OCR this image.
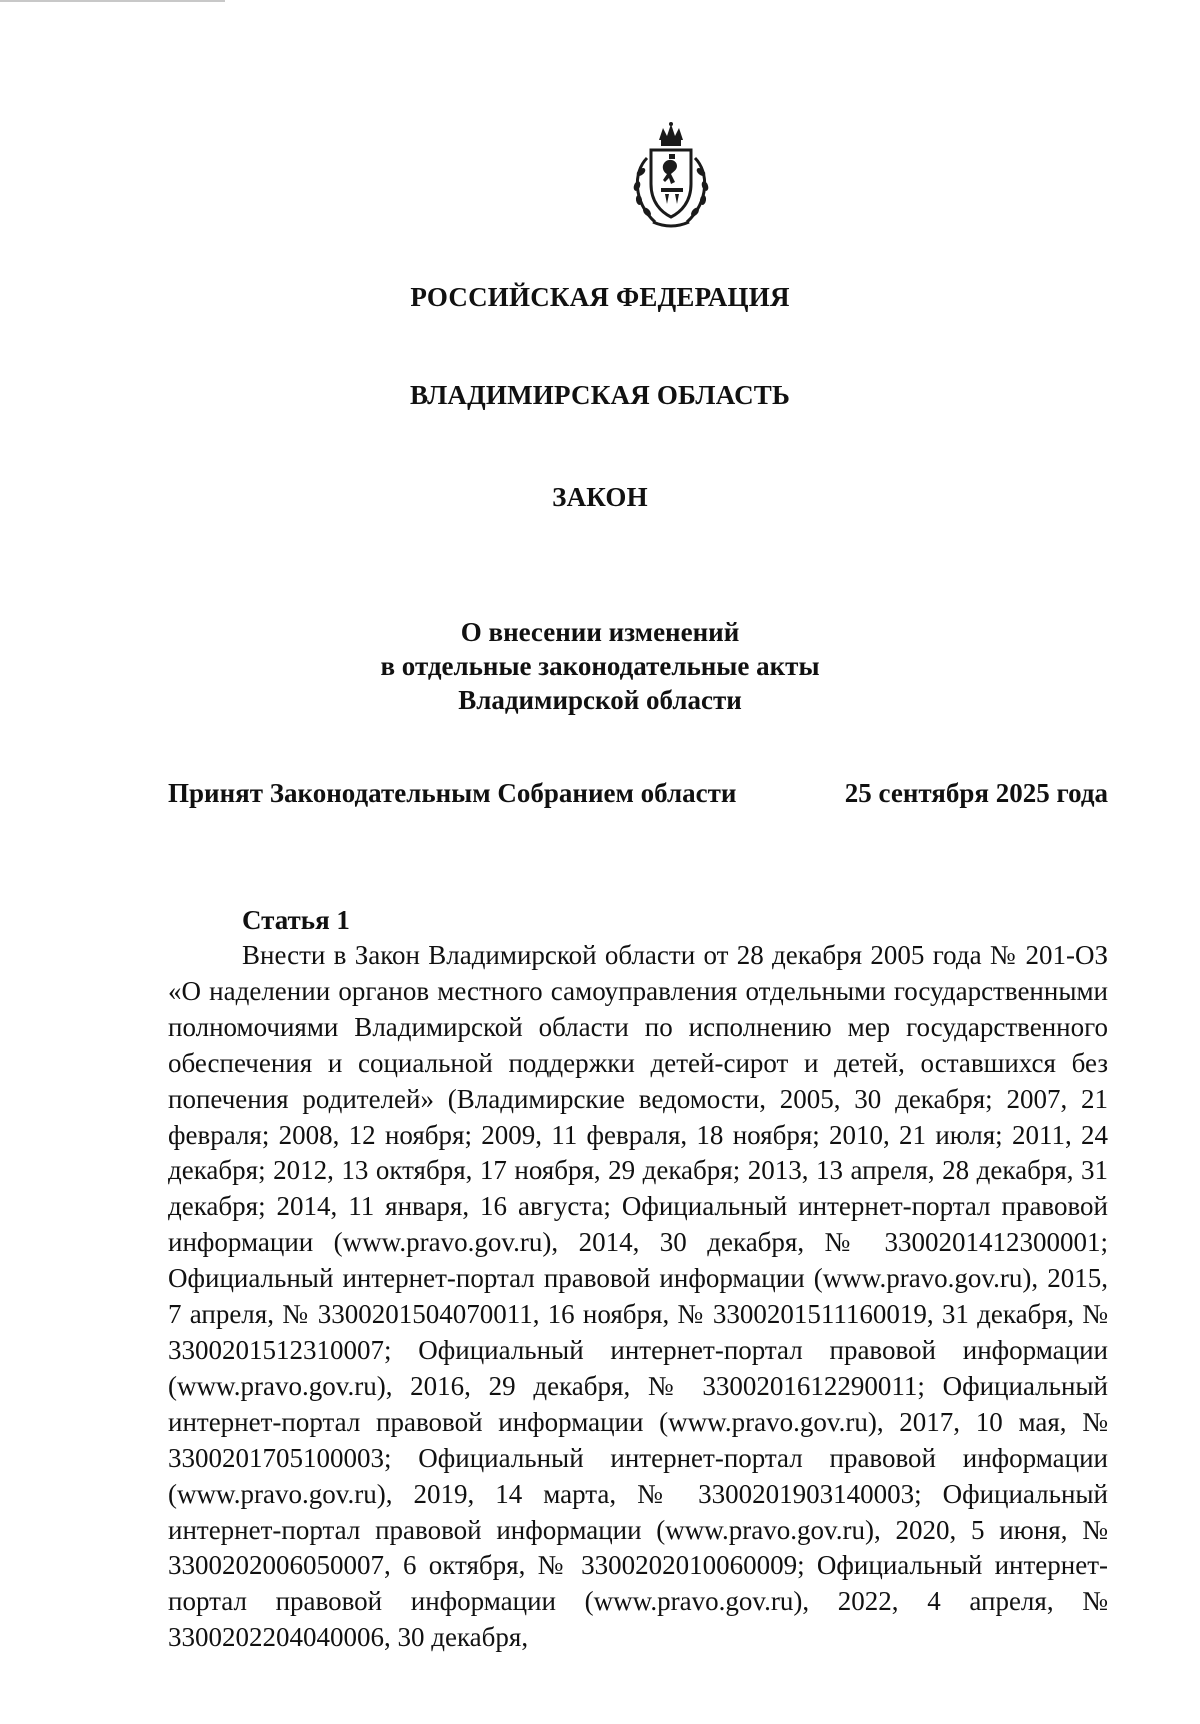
РОССИЙСКАЯ ФЕДЕРАЦИЯ
ВЛАДИМИРСКАЯ ОБЛАСТЬ
ЗАКОН
О внесении изменений
в отдельные законодательные акты
Владимирской области
Принят Законодательным Собранием области	25 сентября 2025 года
Статья 1

Внести в Закон Владимирской области от 28 декабря 2005 года № 201-ОЗ «О наделении органов местного самоуправления отдельными государственными полномочиями Владимирской области по исполнению мер государственного обеспечения и социальной поддержки детей-сирот и детей, оставшихся без попечения родителей» (Владимирские ведомости, 2005, 30 декабря; 2007, 21 февраля; 2008, 12 ноября; 2009, 11 февраля, 18 ноября; 2010, 21 июля; 2011, 24 декабря; 2012, 13 октября, 17 ноября, 29 декабря; 2013, 13 апреля, 28 декабря, 31 декабря; 2014, 11 января, 16 августа; Официальный интернет-портал правовой информации (www.pravo.gov.ru), 2014, 30 декабря, № 3300201412300001; Официальный интернет-портал правовой информации (www.pravo.gov.ru), 2015, 7 апреля, № 3300201504070011, 16 ноября, № 3300201511160019, 31 декабря, № 3300201512310007; Официальный интернет-портал правовой информации (www.pravo.gov.ru), 2016, 29 декабря, № 3300201612290011; Официальный интернет-портал правовой информации (www.pravo.gov.ru), 2017, 10 мая, № 3300201705100003; Официальный интернет-портал правовой информации (www.pravo.gov.ru), 2019, 14 марта, № 3300201903140003; Официальный интернет-портал правовой информации (www.pravo.gov.ru), 2020, 5 июня, № 3300202006050007, 6 октября, № 3300202010060009; Официальный интернет-портал правовой информации (www.pravo.gov.ru), 2022, 4 апреля, № 3300202204040006, 30 декабря,
